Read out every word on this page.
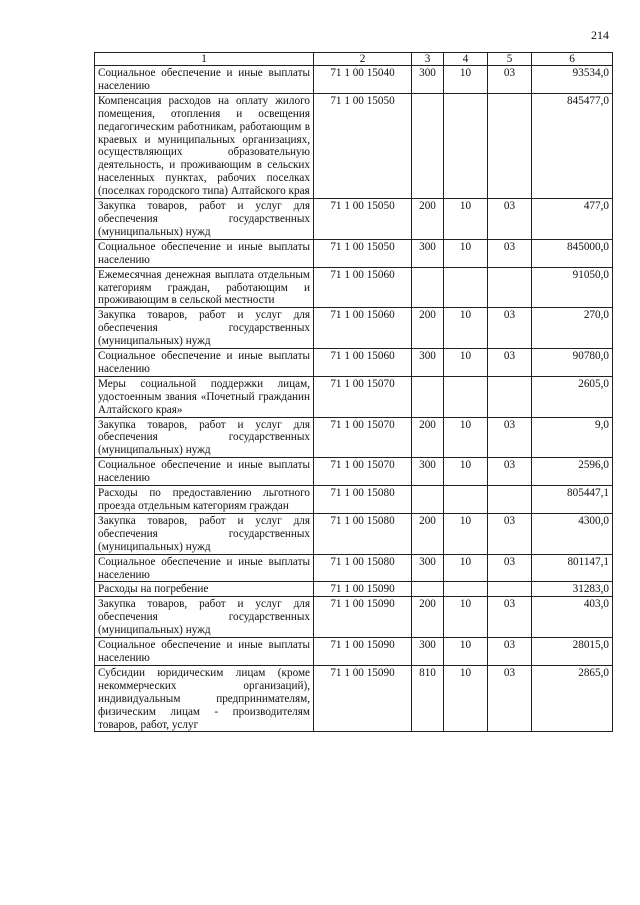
214
1	2	3	4	5	6
Социальное обеспечение и иные выплаты населению	71 1 00 15040	300	10	03	93534,0
Компенсация расходов на оплату жилого помещения, отопления и освещения педагогическим работникам, работающим в краевых и муниципальных организациях, осуществляющих образовательную деятельность, и проживающим в сельских населенных пунктах, рабочих поселках (поселках городского типа) Алтайского края	71 1 00 15050				845477,0
Закупка товаров, работ и услуг для обеспечения государственных (муниципальных) нужд	71 1 00 15050	200	10	03	477,0
Социальное обеспечение и иные выплаты населению	71 1 00 15050	300	10	03	845000,0
Ежемесячная денежная выплата отдельным категориям граждан, работающим и проживающим в сельской местности	71 1 00 15060				91050,0
Закупка товаров, работ и услуг для обеспечения государственных (муниципальных) нужд	71 1 00 15060	200	10	03	270,0
Социальное обеспечение и иные выплаты населению	71 1 00 15060	300	10	03	90780,0
Меры социальной поддержки лицам, удостоенным звания «Почетный гражданин Алтайского края»	71 1 00 15070				2605,0
Закупка товаров, работ и услуг для обеспечения государственных (муниципальных) нужд	71 1 00 15070	200	10	03	9,0
Социальное обеспечение и иные выплаты населению	71 1 00 15070	300	10	03	2596,0
Расходы по предоставлению льготного проезда отдельным категориям граждан	71 1 00 15080				805447,1
Закупка товаров, работ и услуг для обеспечения государственных (муниципальных) нужд	71 1 00 15080	200	10	03	4300,0
Социальное обеспечение и иные выплаты населению	71 1 00 15080	300	10	03	801147,1
Расходы на погребение	71 1 00 15090				31283,0
Закупка товаров, работ и услуг для обеспечения государственных (муниципальных) нужд	71 1 00 15090	200	10	03	403,0
Социальное обеспечение и иные выплаты населению	71 1 00 15090	300	10	03	28015,0
Субсидии юридическим лицам (кроме некоммерческих организаций), индивидуальным предпринимателям, физическим лицам - производителям товаров, работ, услуг	71 1 00 15090	810	10	03	2865,0
